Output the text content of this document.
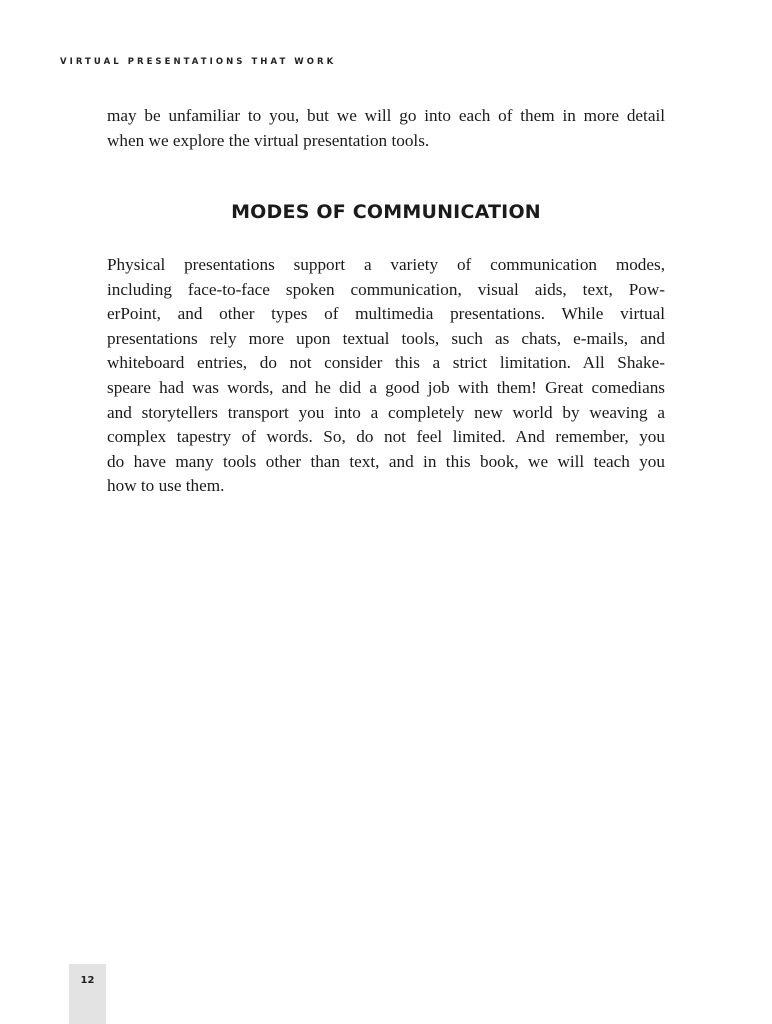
VIRTUAL PRESENTATIONS THAT WORK
may be unfamiliar to you, but we will go into each of them in more detail
when we explore the virtual presentation tools.
MODES OF COMMUNICATION
Physical presentations support a variety of communication modes,
including face-to-face spoken communication, visual aids, text, Pow-
erPoint, and other types of multimedia presentations. While virtual
presentations rely more upon textual tools, such as chats, e-mails, and
whiteboard entries, do not consider this a strict limitation. All Shake-
speare had was words, and he did a good job with them! Great comedians
and storytellers transport you into a completely new world by weaving a
complex tapestry of words. So, do not feel limited. And remember, you
do have many tools other than text, and in this book, we will teach you
how to use them.
12
